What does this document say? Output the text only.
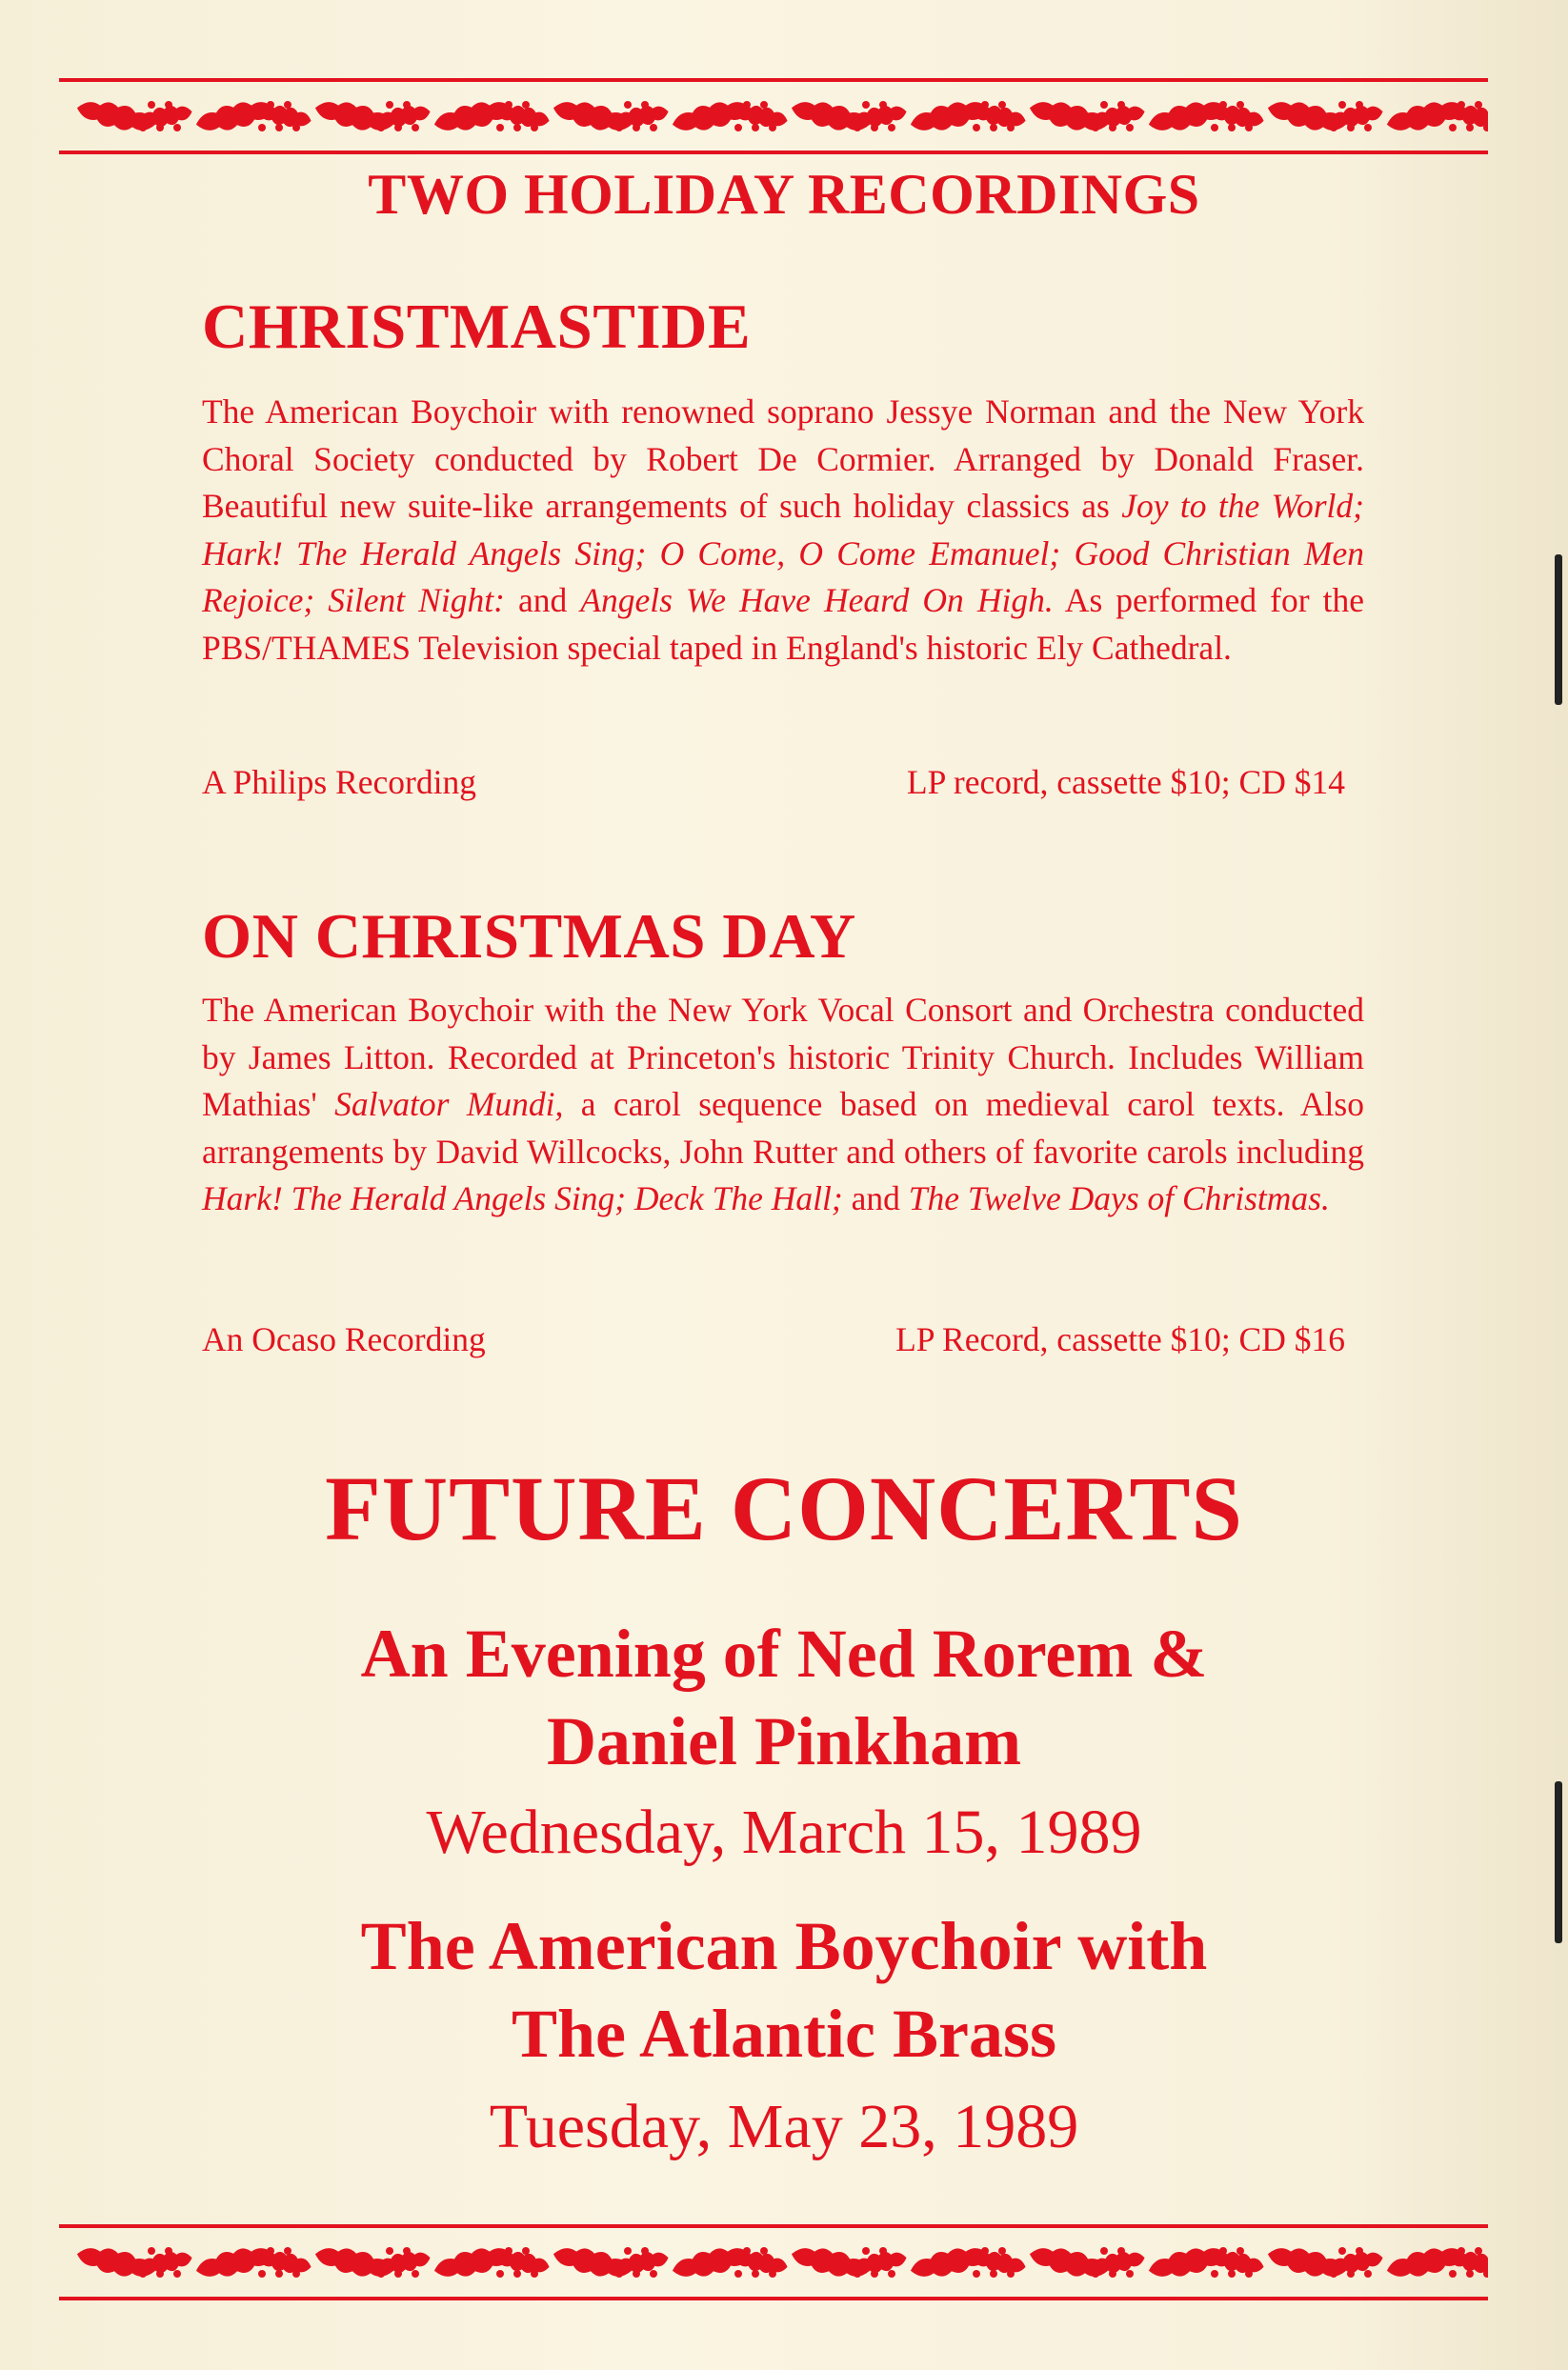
TWO HOLIDAY RECORDINGS
CHRISTMASTIDE
The American Boychoir with renowned soprano Jessye Norman and the New York Choral Society conducted by Robert De Cormier. Arranged by Donald Fraser. Beautiful new suite-like arrangements of such holiday classics as Joy to the World; Hark! The Herald Angels Sing; O Come, O Come Emanuel; Good Christian Men Rejoice; Silent Night: and Angels We Have Heard On High. As performed for the PBS/THAMES Television special taped in England's historic Ely Cathedral.
A Philips Recording	LP record, cassette $10; CD $14
ON CHRISTMAS DAY
The American Boychoir with the New York Vocal Consort and Orchestra conducted by James Litton. Recorded at Princeton's historic Trinity Church. Includes William Mathias' Salvator Mundi, a carol sequence based on medieval carol texts. Also arrangements by David Willcocks, John Rutter and others of favorite carols including Hark! The Herald Angels Sing; Deck The Hall; and The Twelve Days of Christmas.
An Ocaso Recording	LP Record, cassette $10; CD $16
FUTURE CONCERTS
An Evening of Ned Rorem &
Daniel Pinkham
Wednesday, March 15, 1989
The American Boychoir with
The Atlantic Brass
Tuesday, May 23, 1989
